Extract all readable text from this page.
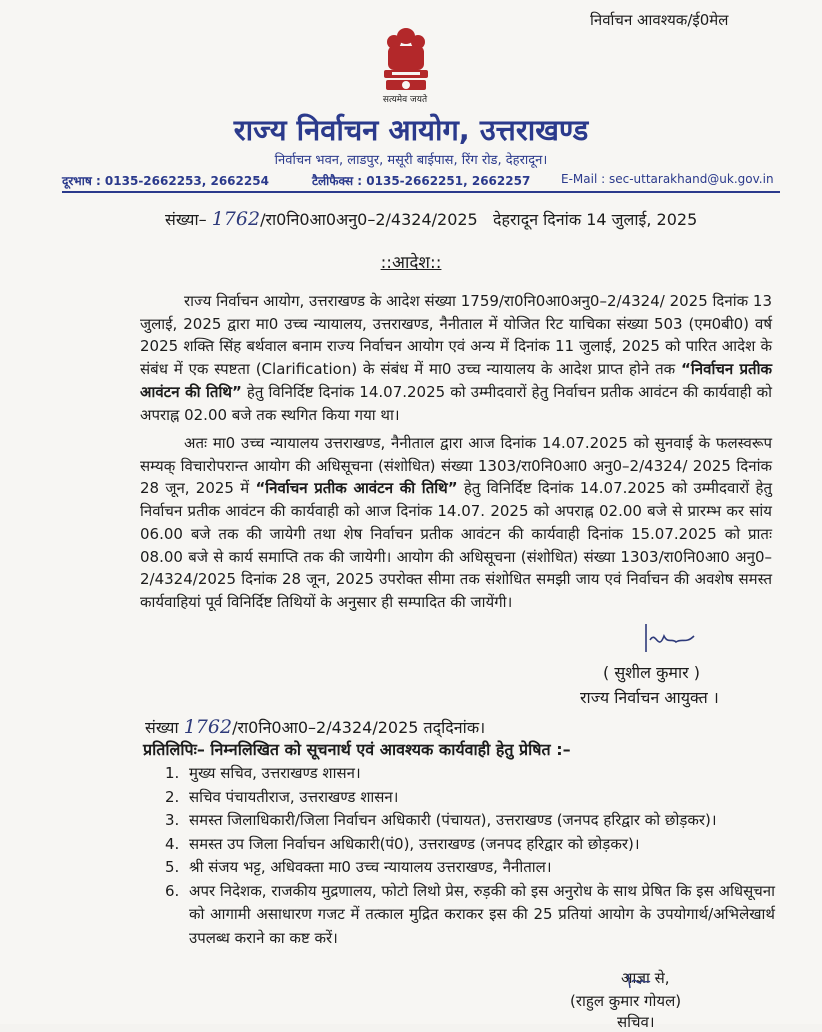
निर्वाचन आवश्यक/ई0मेल
सत्यमेव जयते
राज्य निर्वाचन आयोग, उत्तराखण्ड
निर्वाचन भवन, लाडपुर, मसूरी बाईपास, रिंग रोड, देहरादून।
दूरभाष : 0135-2662253, 2662254	टैलीफैक्स : 0135-2662251, 2662257	E-Mail : sec-uttarakhand@uk.gov.in
संख्या– 1762/रा0नि0आ0अनु0–2/4324/2025 देहरादून दिनांक 14 जुलाई, 2025
::आदेश::

राज्य निर्वाचन आयोग, उत्तराखण्ड के आदेश संख्या 1759/रा0नि0आ0अनु0–2/4324/ 2025 दिनांक 13 जुलाई, 2025 द्वारा मा0 उच्च न्यायालय, उत्तराखण्ड, नैनीताल में योजित रिट याचिका संख्या 503 (एम0बी0) वर्ष 2025 शक्ति सिंह बर्थवाल बनाम राज्य निर्वाचन आयोग एवं अन्य में दिनांक 11 जुलाई, 2025 को पारित आदेश के संबंध में एक स्पष्टता (Clarification) के संबंध में मा0 उच्च न्यायालय के आदेश प्राप्त होने तक “निर्वाचन प्रतीक आवंटन की तिथि” हेतु विनिर्दिष्ट दिनांक 14.07.2025 को उम्मीदवारों हेतु निर्वाचन प्रतीक आवंटन की कार्यवाही को अपराह्न 02.00 बजे तक स्थगित किया गया था।

अतः मा0 उच्च न्यायालय उत्तराखण्ड, नैनीताल द्वारा आज दिनांक 14.07.2025 को सुनवाई के फलस्वरूप सम्यक् विचारोपरान्त आयोग की अधिसूचना (संशोधित) संख्या 1303/रा0नि0आ0 अनु0–2/4324/ 2025 दिनांक 28 जून, 2025 में “निर्वाचन प्रतीक आवंटन की तिथि” हेतु विनिर्दिष्ट दिनांक 14.07.2025 को उम्मीदवारों हेतु निर्वाचन प्रतीक आवंटन की कार्यवाही को आज दिनांक 14.07. 2025 को अपराह्न 02.00 बजे से प्रारम्भ कर सांय 06.00 बजे तक की जायेगी तथा शेष निर्वाचन प्रतीक आवंटन की कार्यवाही दिनांक 15.07.2025 को प्रातः 08.00 बजे से कार्य समाप्ति तक की जायेगी। आयोग की अधिसूचना (संशोधित) संख्या 1303/रा0नि0आ0 अनु0–2/4324/2025 दिनांक 28 जून, 2025 उपरोक्त सीमा तक संशोधित समझी जाय एवं निर्वाचन की अवशेष समस्त कार्यवाहियां पूर्व विनिर्दिष्ट तिथियों के अनुसार ही सम्पादित की जायेंगी।

( सुशील कुमार )
राज्य निर्वाचन आयुक्त ।
संख्या 1762/रा0नि0आ0–2/4324/2025 तद्‌दिनांक।
प्रतिलिपिः– निम्नलिखित को सूचनार्थ एवं आवश्यक कार्यवाही हेतु प्रेषित :–
1. मुख्य सचिव, उत्तराखण्ड शासन।
2. सचिव पंचायतीराज, उत्तराखण्ड शासन।
3. समस्त जिलाधिकारी/जिला निर्वाचन अधिकारी (पंचायत), उत्तराखण्ड (जनपद हरिद्वार को छोड़कर)।
4. समस्त उप जिला निर्वाचन अधिकारी(पं0), उत्तराखण्ड (जनपद हरिद्वार को छोड़कर)।
5. श्री संजय भट्ट, अधिवक्ता मा0 उच्च न्यायालय उत्तराखण्ड, नैनीताल।
6. अपर निदेशक, राजकीय मुद्रणालय, फोटो लिथो प्रेस, रुड़की को इस अनुरोध के साथ प्रेषित कि इस अधिसूचना को आगामी असाधारण गजट में तत्काल मुद्रित कराकर इस की 25 प्रतियां आयोग के उपयोगार्थ/अभिलेखार्थ उपलब्ध कराने का कष्ट करें।
आज्ञा से,
(राहुल कुमार गोयल)
सचिव।
